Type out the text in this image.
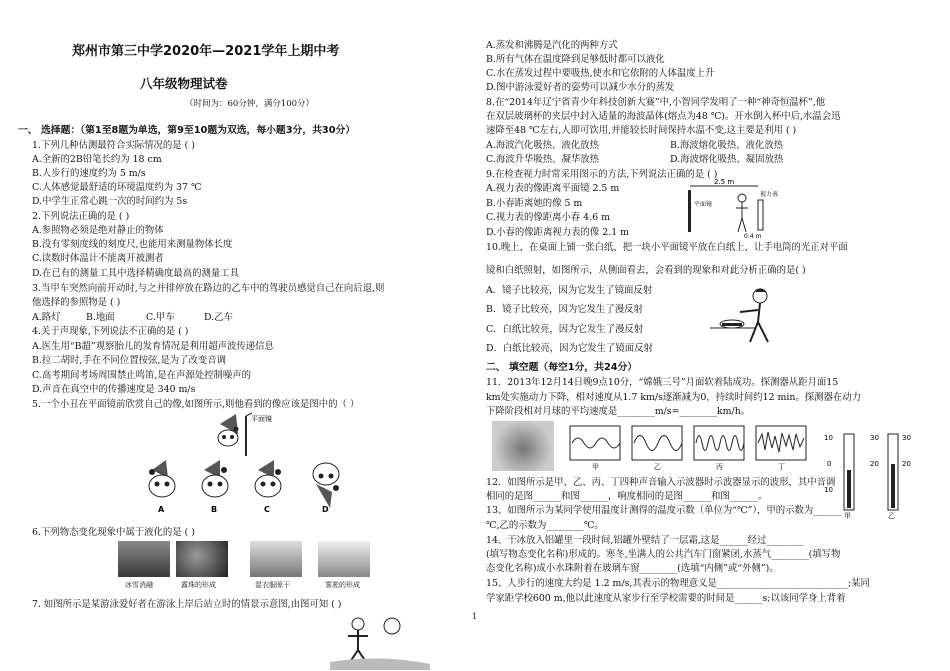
郑州市第三中学2020年—2021学年上期中考
八年级物理试卷
（时间为：60分钟，满分100分）
一、 选择题：（第1至8题为单选，第9至10题为双选，每小题3分，共30分）
1.下列几种估测最符合实际情况的是 ( )
A.全新的2B铅笔长约为 18 cm
B.人步行的速度约为 5 m/s
C.人体感觉最舒适的环境温度约为 37 ℃
D.中学生正常心跳一次的时间约为 5s
2.下列说法正确的是 ( )
A.参照物必须是绝对静止的物体
B.没有零刻度线的刻度尺,也能用来测量物体长度
C.读数时体温计不能离开被测者
D.在已有的测量工具中选择精确度最高的测量工具
3.当甲车突然向前开动时,与之并排停放在路边的乙车中的驾驶员感觉自己在向后退,则
他选择的参照物是 ( )
A.路灯	B.地面	C.甲车	D.乙车
4.关于声现象,下列说法不正确的是 ( )
A.医生用“B超”观察胎儿的发育情况是利用超声波传递信息
B.拉二胡时,手在不同位置按弦,是为了改变音调
C.高考期间考场周围禁止鸣笛,是在声源处控制噪声的
D.声音在真空中的传播速度是 340 m/s
5.一个小丑在平面镜前欣赏自己的像,如图所示,则他看到的像应该是图中的（ ）
平面镜
A	B	C	D
6.下列物态变化现象中属于液化的是 ( )
冰雪消融	露珠的形成	湿衣服晾干	雾凇的形成
7. 如图所示是某游泳爱好者在游泳上岸后站立时的情景示意图,由图可知 ( )
A.蒸发和沸腾是汽化的两种方式
B.所有气体在温度降到足够低时都可以液化
C.水在蒸发过程中要吸热,使水和它依附的人体温度上升
D.图中游泳爱好者的姿势可以减少水分的蒸发
8.在“2014年辽宁省青少年科技创新大赛”中,小智同学发明了一种“神奇恒温杯”,他
在双层玻璃杯的夹层中封入适量的海波晶体(熔点为48 ℃)。开水倒入杯中后,水温会迅
速降至48 ℃左右,人即可饮用,并能较长时间保持水温不变,这主要是利用 ( )
A.海波汽化吸热、液化放热	B.海波熔化吸热、液化放热
C.海波升华吸热、凝华放热	D.海波熔化吸热、凝固放热
9.在检查视力时常采用图示的方法,下列说法正确的是 ( )
A.视力表的像距离平面镜 2.5 m
B.小春距离她的像 5 m
C.视力表的像距离小春 4.6 m
D.小春的像距离视力表的像 2.1 m
2.5 m
平面镜
视力表
0.4 m
10.晚上，在桌面上铺一张白纸，把一块小平面镜平放在白纸上，让手电筒的光正对平面
镜和白纸照射，如图所示，从侧面看去，会看到的现象和对此分析正确的是( )
A．镜子比较亮，因为它发生了镜面反射
B．镜子比较亮，因为它发生了漫反射
C．白纸比较亮，因为它发生了漫反射
D．白纸比较亮，因为它发生了镜面反射
二、 填空题（每空1分，共24分）
11．2013年12月14日晚9点10分，“嫦娥三号”月面软着陆成功。探测器从距月面15
km处实施动力下降，相对速度从1.7 km/s逐渐减为0，持续时间约12 min。探测器在动力
下降阶段相对月球的平均速度是________m/s=________km/h。
甲	乙	丙	丁
10
0
10
甲
30
20
30
20
乙
12．如图所示是甲、乙、丙、丁四种声音输入示波器时示波器显示的波形，其中音调
相同的是图______和图______，响度相同的是图______和图______。
13、如图所示为某同学使用温度计测得的温度示数（单位为“℃”），甲的示数为______
℃,乙的示数为________℃。
14、干冰放入铝罐里一段时间,铝罐外壁结了一层霜,这是______经过________
(填写物态变化名称)形成的。寒冬,坐满人的公共汽车门窗紧闭,水蒸气________(填写物
态变化名称)成小水珠附着在玻璃车窗________(选填“内侧”或“外侧”)。
15、人步行的速度大约是 1.2 m/s,其表示的物理意义是____________________________;某同
学家距学校600 m,他以此速度从家步行至学校需要的时间是______s;以该同学身上背着
1
